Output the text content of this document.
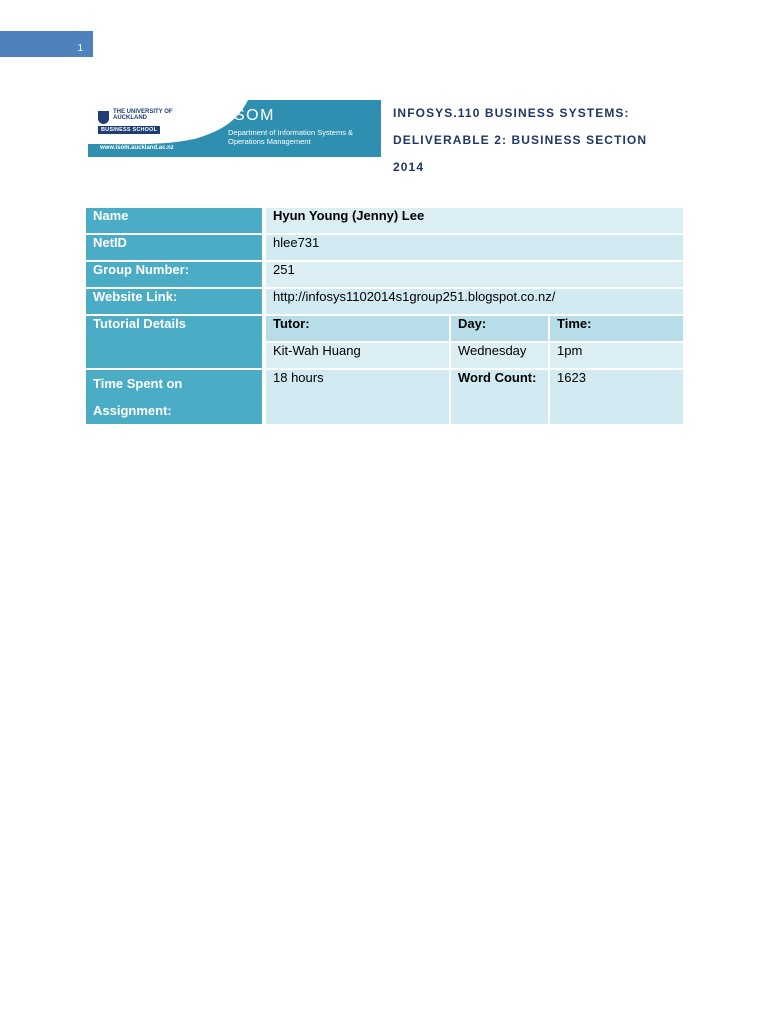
1
THE UNIVERSITY OF AUCKLAND
BUSINESS SCHOOL
ISOM
Department of Information Systems & Operations Management
www.isom.auckland.ac.nz
INFOSYS.110 BUSINESS SYSTEMS:
DELIVERABLE 2: BUSINESS SECTION
2014
Name	Hyun Young (Jenny) Lee		
NetID	hlee731		
Group Number:	251		
Website Link:	http://infosys1102014s1group251.blogspot.co.nz/		
Tutorial Details	Tutor:	Day:	Time:
	Kit-Wah Huang	Wednesday	1pm
Time Spent on Assignment:	18 hours	Word Count:	1623
